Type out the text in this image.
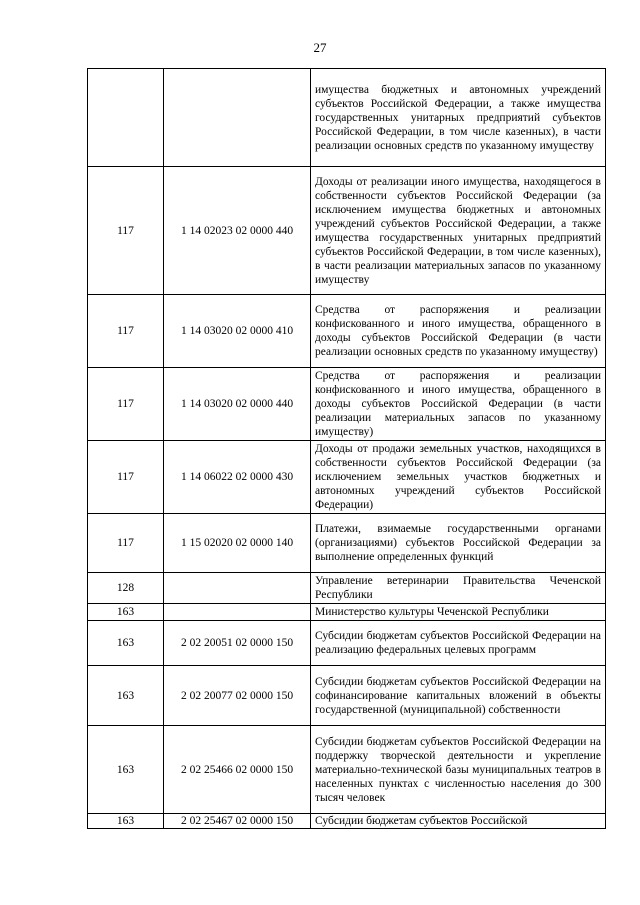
27
		имущества бюджетных и автономных учреждений субъектов Российской Федерации, а также имущества государственных унитарных предприятий субъектов Российской Федерации, в том числе казенных), в части реализации основных средств по указанному имуществу
117	1 14 02023 02 0000 440	Доходы от реализации иного имущества, находящегося в собственности субъектов Российской Федерации (за исключением имущества бюджетных и автономных учреждений субъектов Российской Федерации, а также имущества государственных унитарных предприятий субъектов Российской Федерации, в том числе казенных), в части реализации материальных запасов по указанному имуществу
117	1 14 03020 02 0000 410	Средства от распоряжения и реализации конфискованного и иного имущества, обращенного в доходы субъектов Российской Федерации (в части реализации основных средств по указанному имуществу)
117	1 14 03020 02 0000 440	Средства от распоряжения и реализации конфискованного и иного имущества, обращенного в доходы субъектов Российской Федерации (в части реализации материальных запасов по указанному имуществу)
117	1 14 06022 02 0000 430	Доходы от продажи земельных участков, находящихся в собственности субъектов Российской Федерации (за исключением земельных участков бюджетных и автономных учреждений субъектов Российской Федерации)
117	1 15 02020 02 0000 140	Платежи, взимаемые государственными органами (организациями) субъектов Российской Федерации за выполнение определенных функций
128		Управление ветеринарии Правительства Чеченской Республики
163		Министерство культуры Чеченской Республики
163	2 02 20051 02 0000 150	Субсидии бюджетам субъектов Российской Федерации на реализацию федеральных целевых программ
163	2 02 20077 02 0000 150	Субсидии бюджетам субъектов Российской Федерации на софинансирование капитальных вложений в объекты государственной (муниципальной) собственности
163	2 02 25466 02 0000 150	Субсидии бюджетам субъектов Российской Федерации на поддержку творческой деятельности и укрепление материально-технической базы муниципальных театров в населенных пунктах с численностью населения до 300 тысяч человек
163	2 02 25467 02 0000 150	Субсидии бюджетам субъектов Российской
